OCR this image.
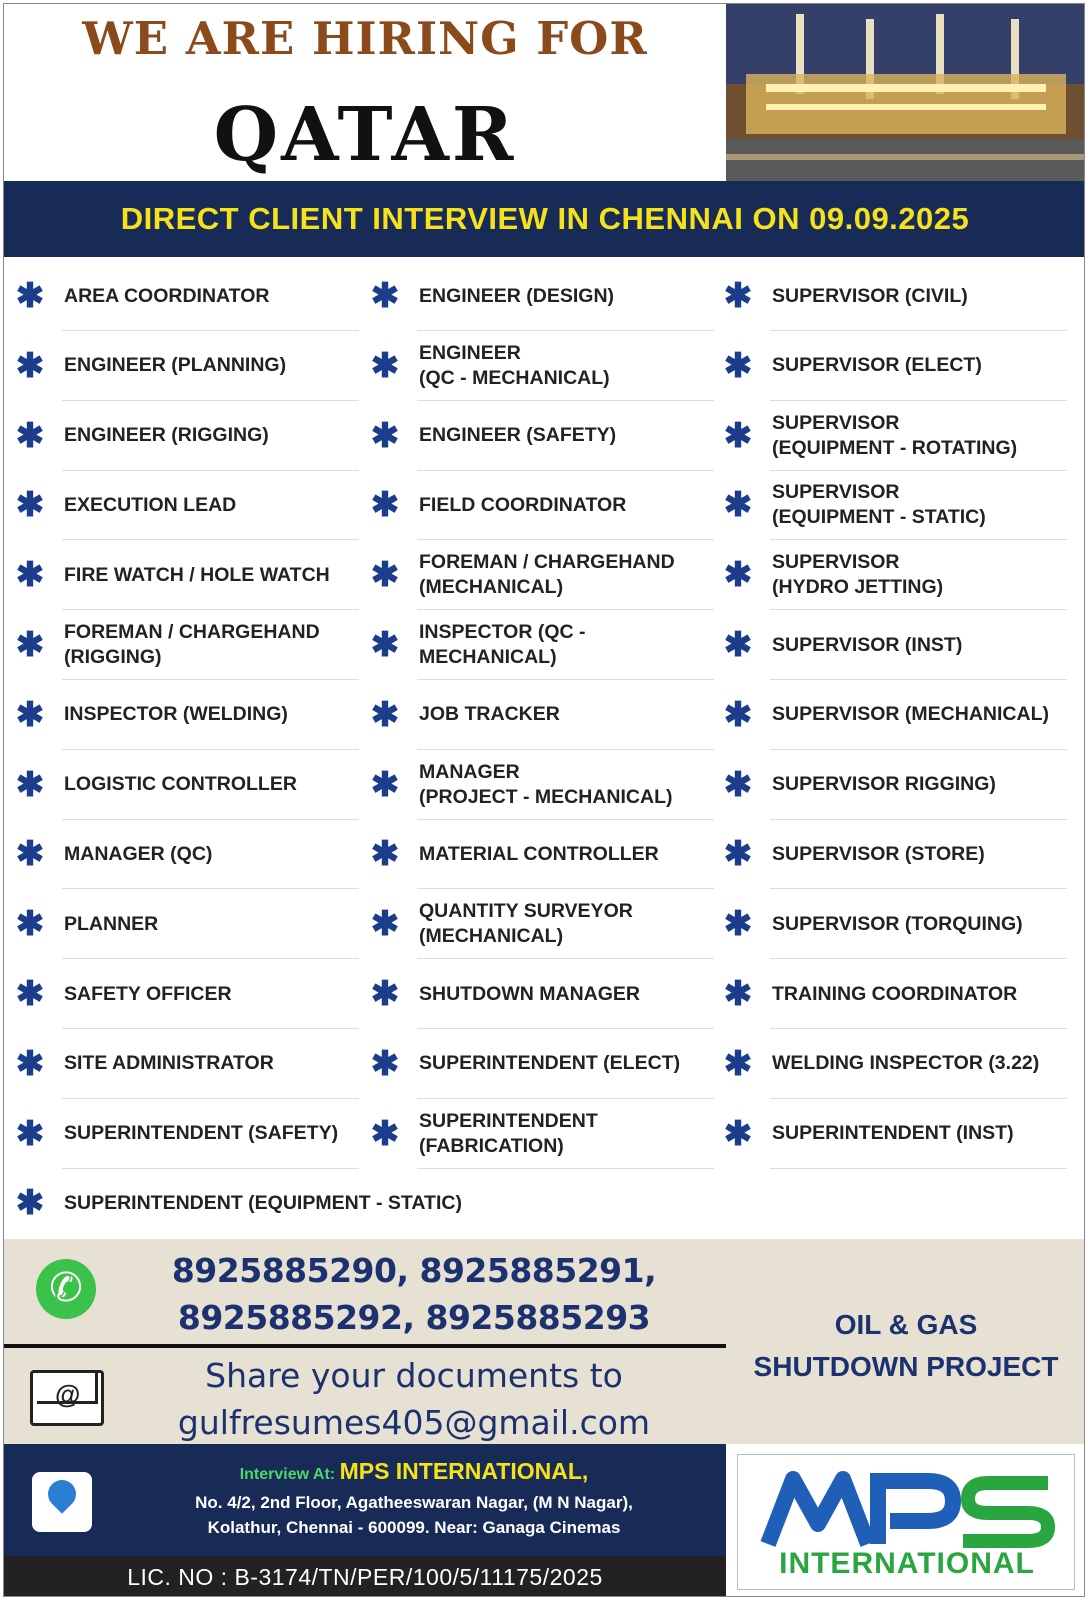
WE ARE HIRING FOR
QATAR
DIRECT CLIENT INTERVIEW IN CHENNAI ON 09.09.2025
✱ AREA COORDINATOR
✱ ENGINEER (PLANNING)
✱ ENGINEER (RIGGING)
✱ EXECUTION LEAD
✱ FIRE WATCH / HOLE WATCH
✱ FOREMAN / CHARGEHAND
(RIGGING)
✱ INSPECTOR (WELDING)
✱ LOGISTIC CONTROLLER
✱ MANAGER (QC)
✱ PLANNER
✱ SAFETY OFFICER
✱ SITE ADMINISTRATOR
✱ SUPERINTENDENT (SAFETY)
✱ SUPERINTENDENT (EQUIPMENT - STATIC)
✱ ENGINEER (DESIGN)
✱ ENGINEER
(QC - MECHANICAL)
✱ ENGINEER (SAFETY)
✱ FIELD COORDINATOR
✱ FOREMAN / CHARGEHAND
(MECHANICAL)
✱ INSPECTOR (QC -
MECHANICAL)
✱ JOB TRACKER
✱ MANAGER
(PROJECT - MECHANICAL)
✱ MATERIAL CONTROLLER
✱ QUANTITY SURVEYOR
(MECHANICAL)
✱ SHUTDOWN MANAGER
✱ SUPERINTENDENT (ELECT)
✱ SUPERINTENDENT
(FABRICATION)
✱ SUPERVISOR (CIVIL)
✱ SUPERVISOR (ELECT)
✱ SUPERVISOR
(EQUIPMENT - ROTATING)
✱ SUPERVISOR
(EQUIPMENT - STATIC)
✱ SUPERVISOR
(HYDRO JETTING)
✱ SUPERVISOR (INST)
✱ SUPERVISOR (MECHANICAL)
✱ SUPERVISOR RIGGING)
✱ SUPERVISOR (STORE)
✱ SUPERVISOR (TORQUING)
✱ TRAINING COORDINATOR
✱ WELDING INSPECTOR (3.22)
✱ SUPERINTENDENT (INST)
✆
8925885290, 8925885291,
8925885292, 8925885293
@	Share your documents to
gulfresumes405@gmail.com
OIL & GAS
SHUTDOWN PROJECT
Interview At: MPS INTERNATIONAL,
No. 4/2, 2nd Floor, Agatheeswaran Nagar, (M N Nagar),
Kolathur, Chennai - 600099. Near: Ganaga Cinemas
LIC. NO : B-3174/TN/PER/100/5/11175/2025	INTERNATIONAL
